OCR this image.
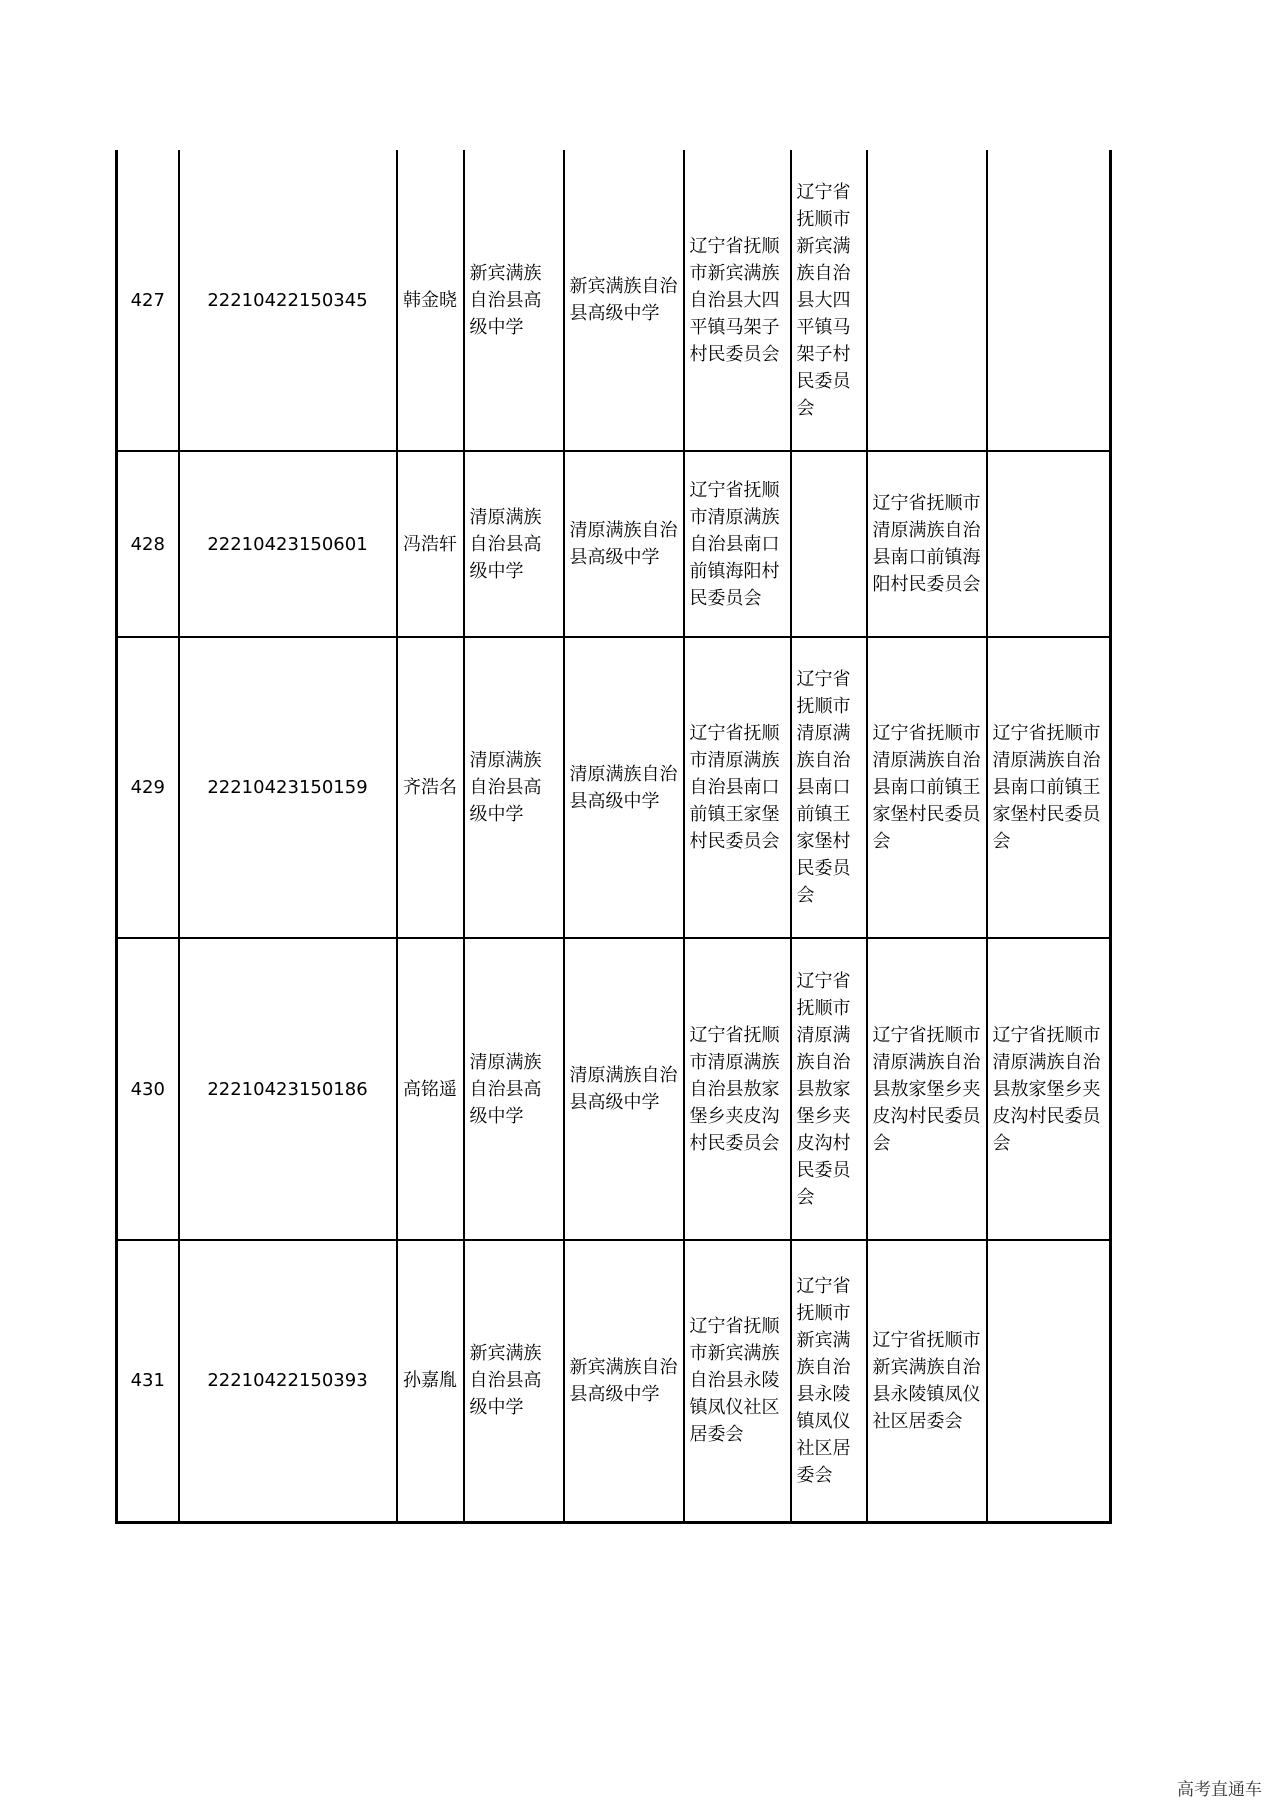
427	22210422150345	韩金晓	新宾满族自治县高级中学	新宾满族自治县高级中学	辽宁省抚顺市新宾满族自治县大四平镇马架子村民委员会	辽宁省抚顺市新宾满族自治县大四平镇马架子村民委员会		
428	22210423150601	冯浩轩	清原满族自治县高级中学	清原满族自治县高级中学	辽宁省抚顺市清原满族自治县南口前镇海阳村民委员会		辽宁省抚顺市清原满族自治县南口前镇海阳村民委员会	
429	22210423150159	齐浩名	清原满族自治县高级中学	清原满族自治县高级中学	辽宁省抚顺市清原满族自治县南口前镇王家堡村民委员会	辽宁省抚顺市清原满族自治县南口前镇王家堡村民委员会	辽宁省抚顺市清原满族自治县南口前镇王家堡村民委员会	辽宁省抚顺市清原满族自治县南口前镇王家堡村民委员会
430	22210423150186	高铭遥	清原满族自治县高级中学	清原满族自治县高级中学	辽宁省抚顺市清原满族自治县敖家堡乡夹皮沟村民委员会	辽宁省抚顺市清原满族自治县敖家堡乡夹皮沟村民委员会	辽宁省抚顺市清原满族自治县敖家堡乡夹皮沟村民委员会	辽宁省抚顺市清原满族自治县敖家堡乡夹皮沟村民委员会
431	22210422150393	孙嘉胤	新宾满族自治县高级中学	新宾满族自治县高级中学	辽宁省抚顺市新宾满族自治县永陵镇凤仪社区居委会	辽宁省抚顺市新宾满族自治县永陵镇凤仪社区居委会	辽宁省抚顺市新宾满族自治县永陵镇凤仪社区居委会	
高考直通车
